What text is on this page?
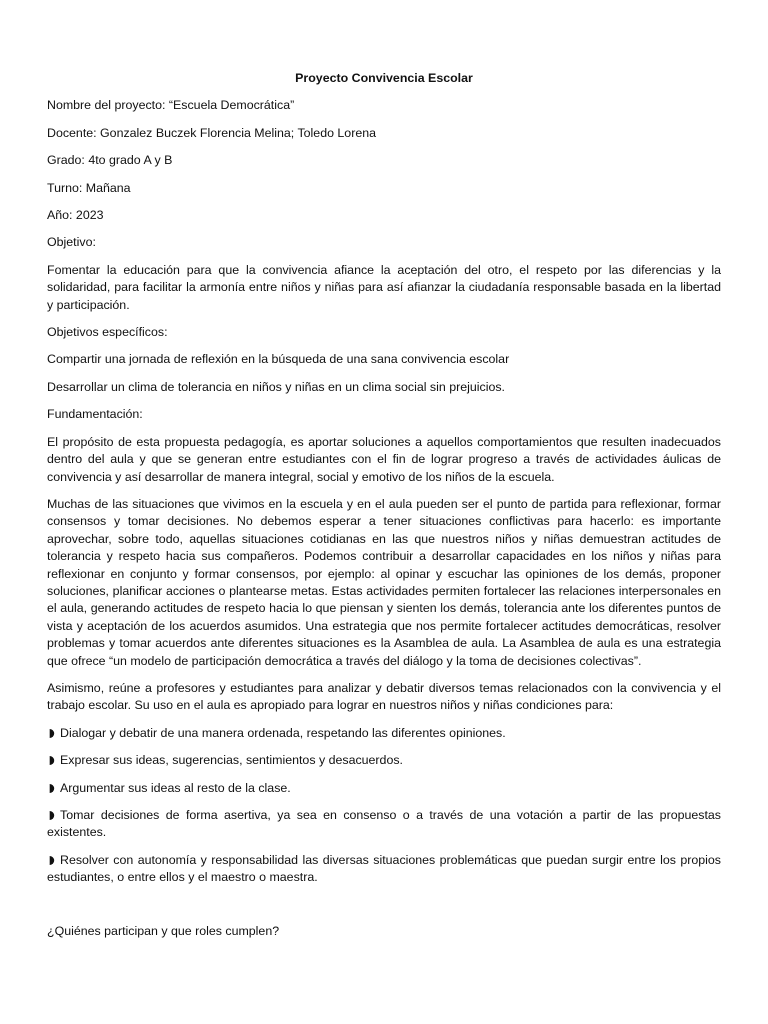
Proyecto Convivencia Escolar
Nombre del proyecto: “Escuela Democrática”
Docente: Gonzalez Buczek Florencia Melina; Toledo Lorena
Grado: 4to grado A y B
Turno: Mañana
Año: 2023
Objetivo:
Fomentar la educación para que la convivencia afiance la aceptación del otro, el respeto por las diferencias y la solidaridad, para facilitar la armonía entre niños y niñas para así afianzar la ciudadanía responsable basada en la libertad y participación.
Objetivos específicos:
Compartir una jornada de reflexión en la búsqueda de una sana convivencia escolar
Desarrollar un clima de tolerancia en niños y niñas en un clima social sin prejuicios.
Fundamentación:
El propósito de esta propuesta pedagogía, es aportar soluciones a aquellos comportamientos que resulten inadecuados dentro del aula y que se generan entre estudiantes con el fin de lograr progreso a través de actividades áulicas de convivencia y así desarrollar de manera integral, social y emotivo de los niños de la escuela.
Muchas de las situaciones que vivimos en la escuela y en el aula pueden ser el punto de partida para reflexionar, formar consensos y tomar decisiones. No debemos esperar a tener situaciones conflictivas para hacerlo: es importante aprovechar, sobre todo, aquellas situaciones cotidianas en las que nuestros niños y niñas demuestran actitudes de tolerancia y respeto hacia sus compañeros. Podemos contribuir a desarrollar capacidades en los niños y niñas para reflexionar en conjunto y formar consensos, por ejemplo: al opinar y escuchar las opiniones de los demás, proponer soluciones, planificar acciones o plantearse metas. Estas actividades permiten fortalecer las relaciones interpersonales en el aula, generando actitudes de respeto hacia lo que piensan y sienten los demás, tolerancia ante los diferentes puntos de vista y aceptación de los acuerdos asumidos. Una estrategia que nos permite fortalecer actitudes democráticas, resolver problemas y tomar acuerdos ante diferentes situaciones es la Asamblea de aula. La Asamblea de aula es una estrategia que ofrece “un modelo de participación democrática a través del diálogo y la toma de decisiones colectivas”.
Asimismo, reúne a profesores y estudiantes para analizar y debatir diversos temas relacionados con la convivencia y el trabajo escolar. Su uso en el aula es apropiado para lograr en nuestros niños y niñas condiciones para:
Dialogar y debatir de una manera ordenada, respetando las diferentes opiniones.
Expresar sus ideas, sugerencias, sentimientos y desacuerdos.
Argumentar sus ideas al resto de la clase.
Tomar decisiones de forma asertiva, ya sea en consenso o a través de una votación a partir de las propuestas existentes.
Resolver con autonomía y responsabilidad las diversas situaciones problemáticas que puedan surgir entre los propios estudiantes, o entre ellos y el maestro o maestra.
¿Quiénes participan y que roles cumplen?
